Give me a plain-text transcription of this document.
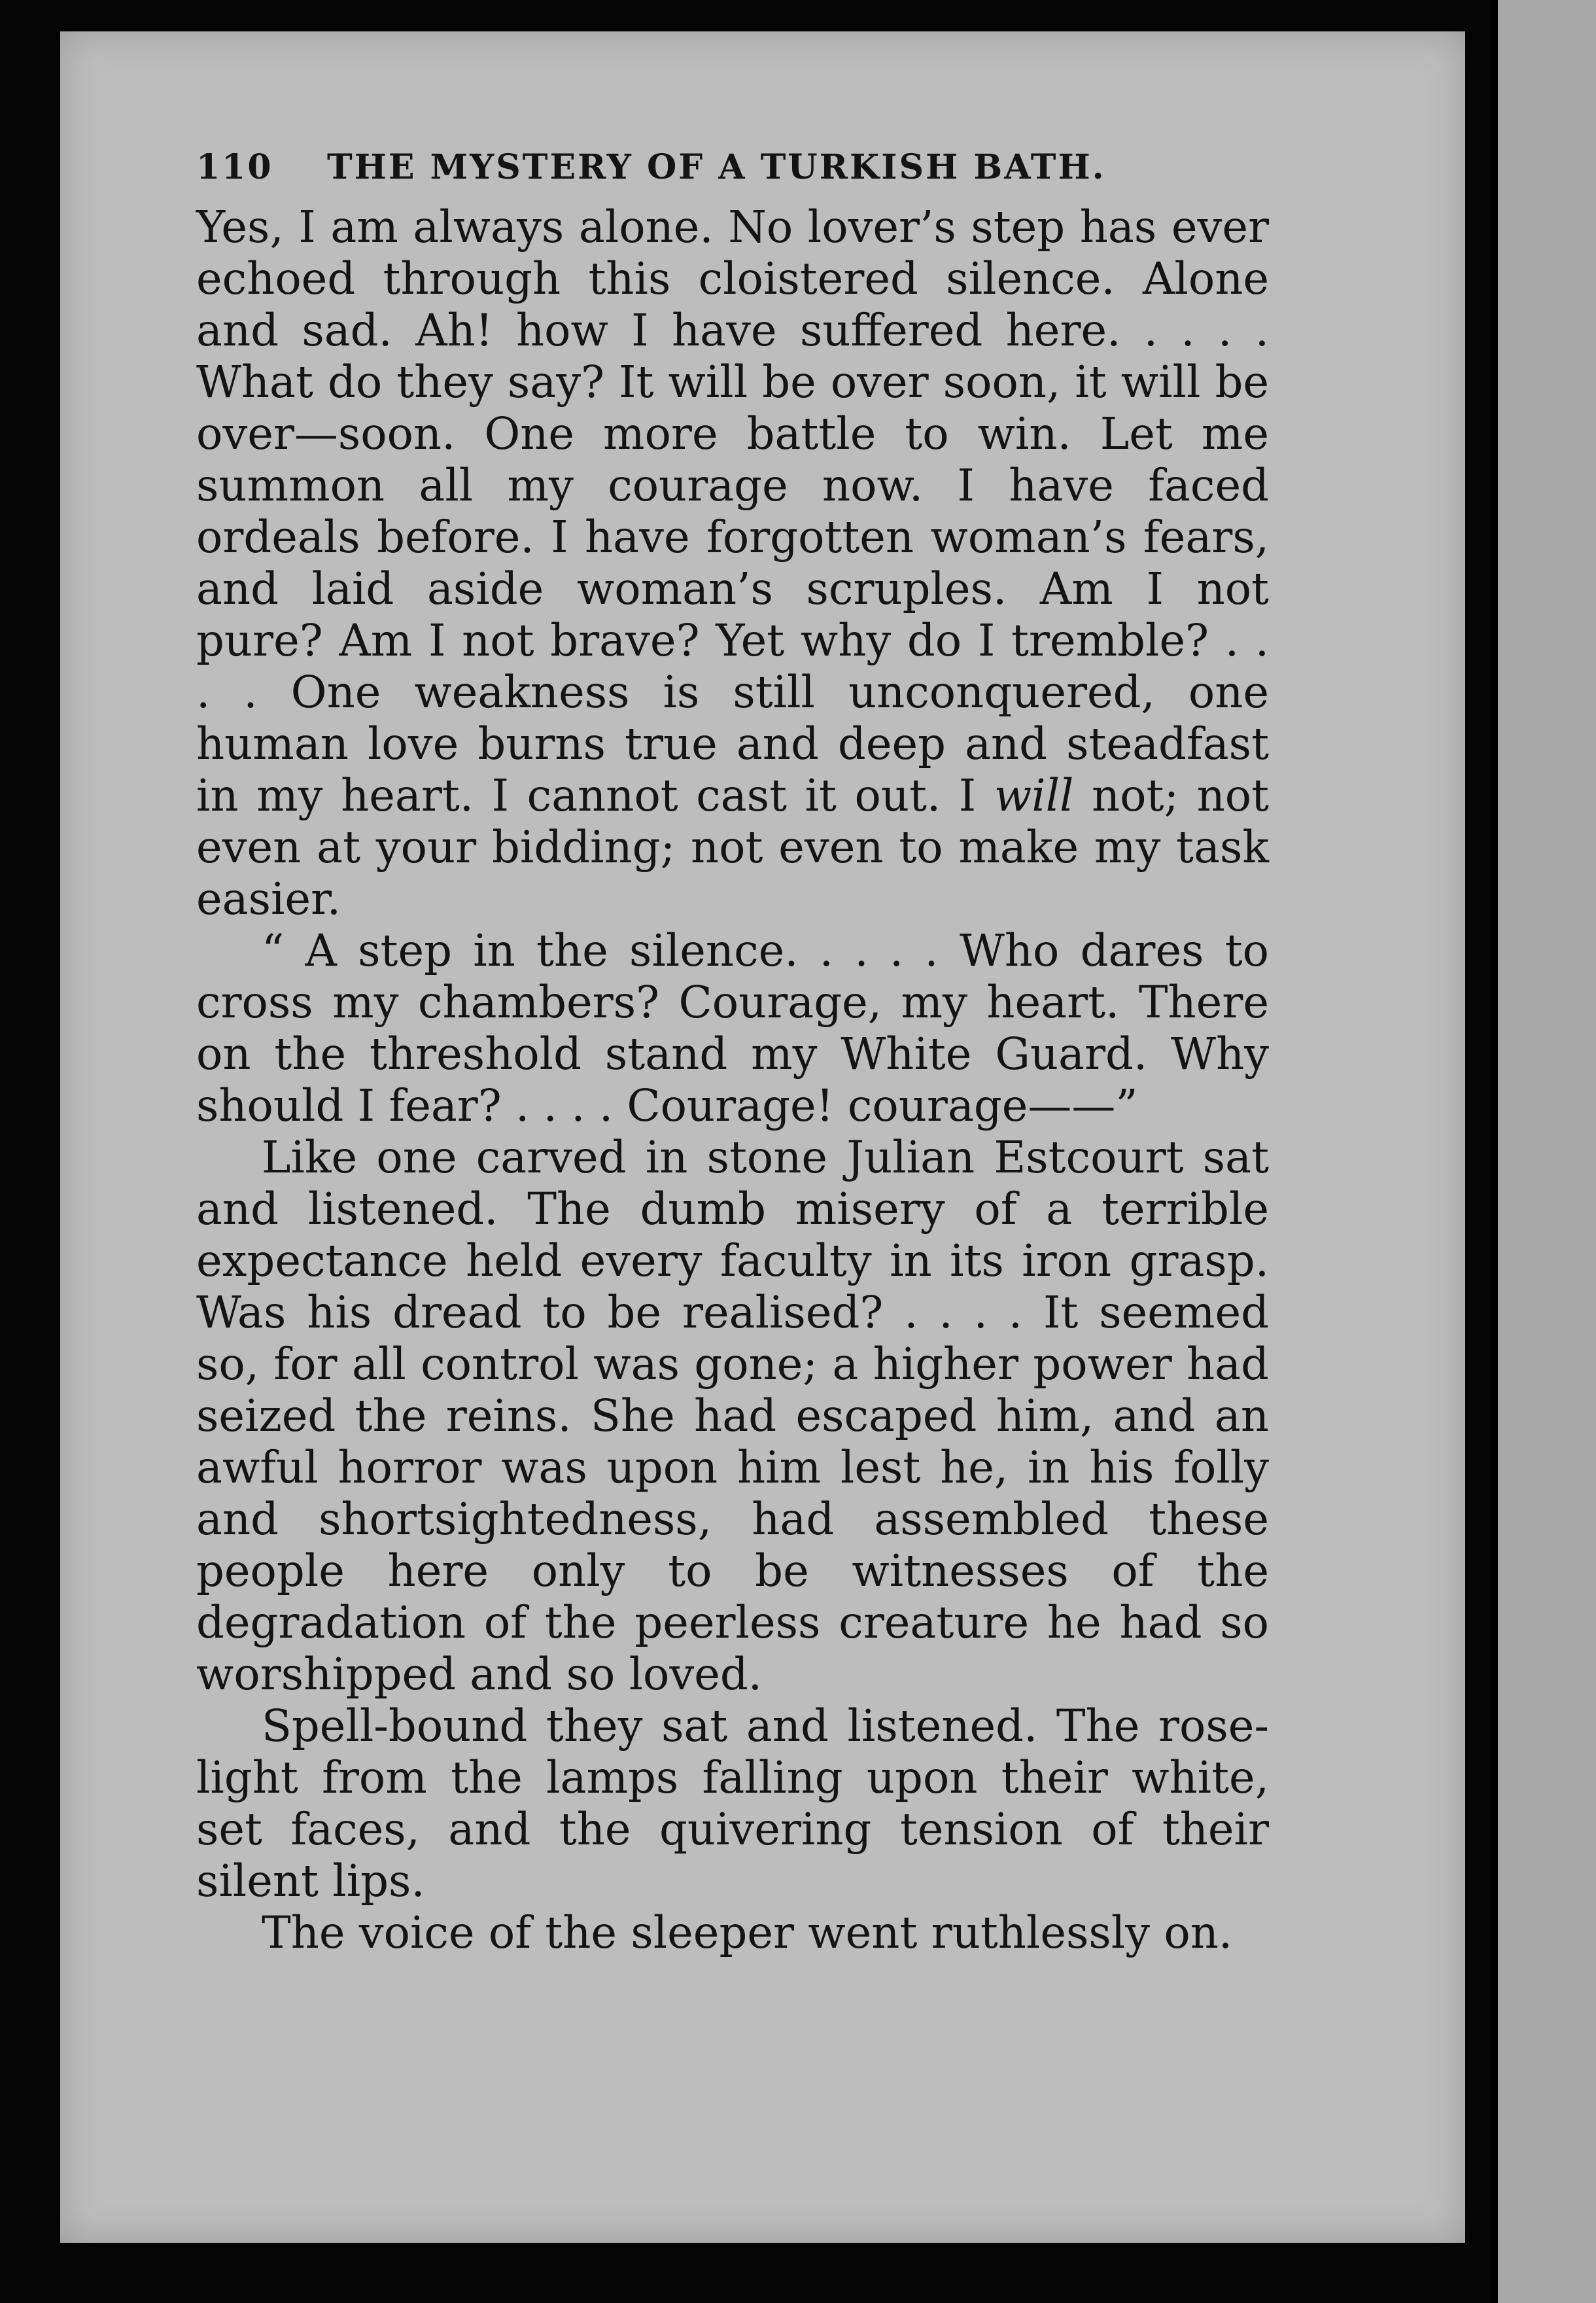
110	THE MYSTERY OF A TURKISH BATH.

Yes, I am always alone. No lover’s step has ever echoed through this cloistered silence. Alone and sad. Ah! how I have suffered here. . . . . What do they say? It will be over soon, it will be over—soon. One more battle to win. Let me summon all my courage now. I have faced ordeals before. I have forgotten woman’s fears, and laid aside woman’s scruples. Am I not pure? Am I not brave? Yet why do I tremble? . . . . One weakness is still unconquered, one human love burns true and deep and steadfast in my heart. I cannot cast it out. I will not; not even at your bidding; not even to make my task easier.

“ A step in the silence. . . . . Who dares to cross my chambers? Courage, my heart. There on the threshold stand my White Guard. Why should I fear? . . . . Courage! courage——”

Like one carved in stone Julian Estcourt sat and listened. The dumb misery of a terrible expectance held every faculty in its iron grasp. Was his dread to be realised? . . . . It seemed so, for all control was gone; a higher power had seized the reins. She had escaped him, and an awful horror was upon him lest he, in his folly and shortsightedness, had assembled these people here only to be witnesses of the degradation of the peerless creature he had so worshipped and so loved.

Spell-bound they sat and listened. The rose-light from the lamps falling upon their white, set faces, and the quivering tension of their silent lips.

The voice of the sleeper went ruthlessly on.
